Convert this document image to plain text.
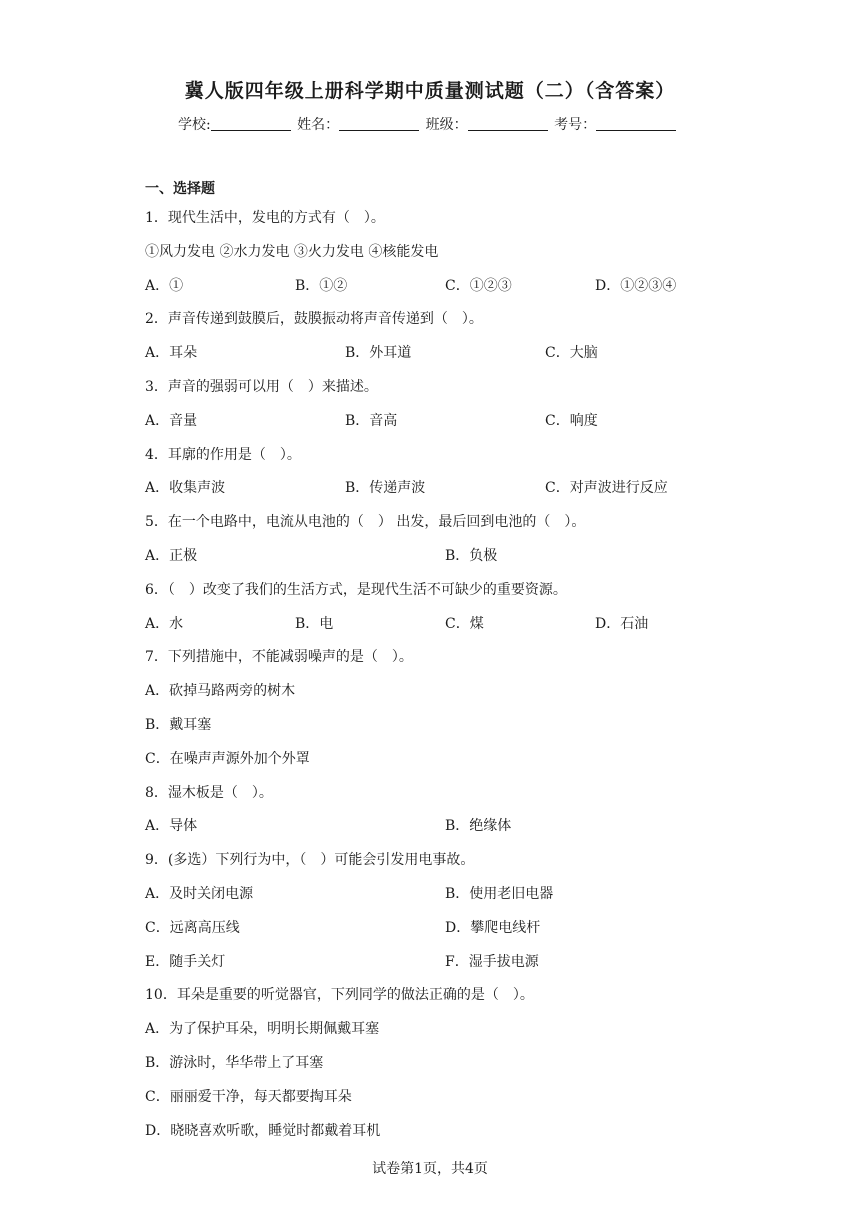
冀人版四年级上册科学期中质量测试题（二）（含答案）
学校:	姓名：	班级：	考号：
一、选择题
1．现代生活中，发电的方式有（　）。
①风力发电 ②水力发电 ③火力发电 ④核能发电
A．①	B．①②	C．①②③	D．①②③④
2．声音传递到鼓膜后，鼓膜振动将声音传递到（　）。
A．耳朵	B．外耳道	C．大脑
3．声音的强弱可以用（　）来描述。
A．音量	B．音高	C．响度
4．耳廓的作用是（　）。
A．收集声波	B．传递声波	C．对声波进行反应
5．在一个电路中，电流从电池的（　） 出发，最后回到电池的（　）。
A．正极	B．负极
6．（　）改变了我们的生活方式，是现代生活不可缺少的重要资源。
A．水	B．电	C．煤	D．石油
7．下列措施中，不能减弱噪声的是（　）。
A．砍掉马路两旁的树木
B．戴耳塞
C．在噪声声源外加个外罩
8．湿木板是（　）。
A．导体	B．绝缘体
9．(多选）下列行为中，（　）可能会引发用电事故。
A．及时关闭电源	B．使用老旧电器
C．远离高压线	D．攀爬电线杆
E．随手关灯	F．湿手拔电源
10．耳朵是重要的听觉器官，下列同学的做法正确的是（　）。
A．为了保护耳朵，明明长期佩戴耳塞
B．游泳时，华华带上了耳塞
C．丽丽爱干净，每天都要掏耳朵
D．晓晓喜欢听歌，睡觉时都戴着耳机
试卷第1页，共4页
